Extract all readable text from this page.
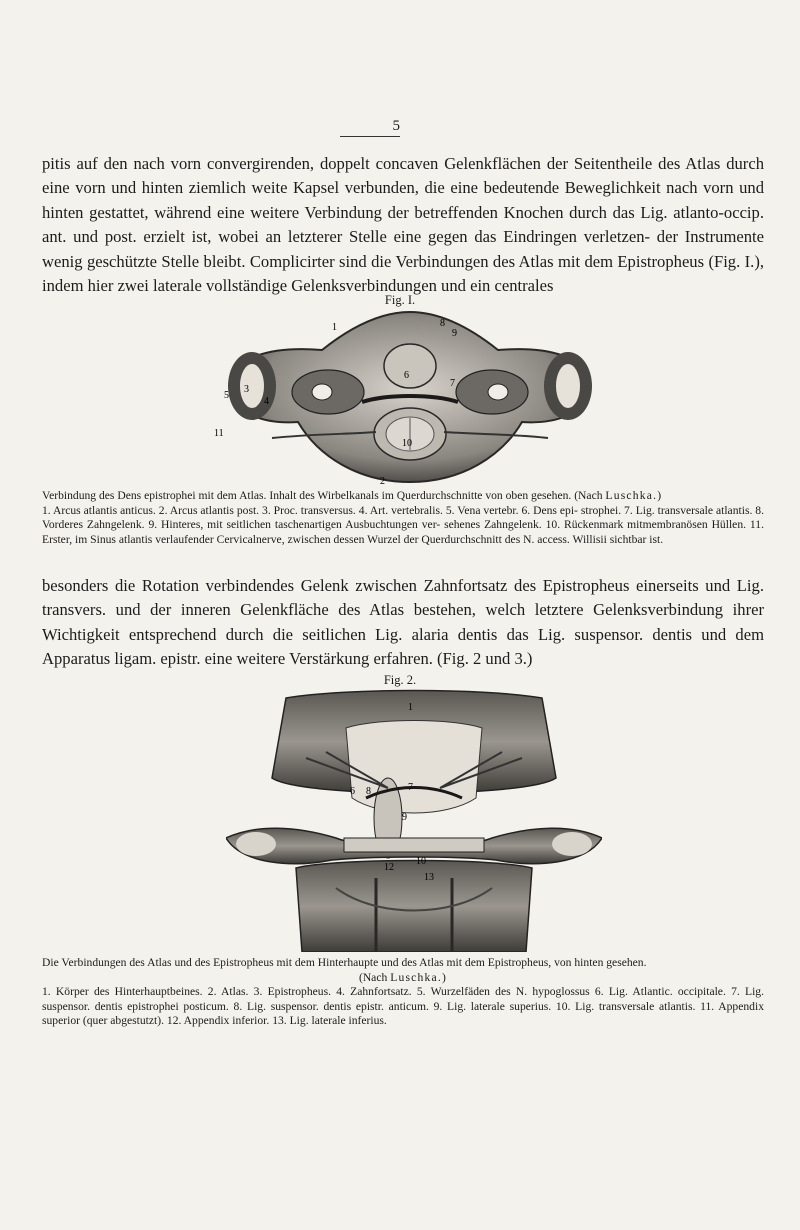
5

pitis auf den nach vorn convergirenden, doppelt concaven Gelenkflächen der Seitentheile des Atlas durch eine vorn und hinten ziemlich weite Kapsel verbunden, die eine bedeutende Beweglichkeit nach vorn und hinten gestattet, während eine weitere Verbindung der betreffenden Knochen durch das Lig. atlanto-occip. ant. und post. erzielt ist, wobei an letzterer Stelle eine gegen das Eindringen verletzen- der Instrumente wenig geschützte Stelle bleibt. Complicirter sind die Verbindungen des Atlas mit dem Epistropheus (Fig. I.), indem hier zwei laterale vollständige Gelenksverbindungen und ein centrales

Fig. I.
1
2
3
4
5
6
7
8
9
10
11

Verbindung des Dens epistrophei mit dem Atlas. Inhalt des Wirbelkanals im Querdurchschnitte von oben gesehen. (Nach Luschka.)
1. Arcus atlantis anticus. 2. Arcus atlantis post. 3. Proc. transversus. 4. Art. vertebralis. 5. Vena vertebr. 6. Dens epi- strophei. 7. Lig. transversale atlantis. 8. Vorderes Zahngelenk. 9. Hinteres, mit seitlichen taschenartigen Ausbuchtungen ver- sehenes Zahngelenk. 10. Rückenmark mitmembranösen Hüllen. 11. Erster, im Sinus atlantis verlaufender Cervicalnerve, zwischen dessen Wurzel der Querdurchschnitt des N. access. Willisii sichtbar ist.

besonders die Rotation verbindendes Gelenk zwischen Zahnfortsatz des Epistropheus einerseits und Lig. transvers. und der inneren Gelenkfläche des Atlas bestehen, welch letztere Gelenksverbindung ihrer Wichtigkeit entsprechend durch die seitlichen Lig. alaria dentis das Lig. suspensor. dentis und dem Apparatus ligam. epistr. eine weitere Verstärkung erfahren. (Fig. 2 und 3.)

Fig. 2.
1
6	7
8
9
10
12
13

Die Verbindungen des Atlas und des Epistropheus mit dem Hinterhaupte und des Atlas mit dem Epistropheus, von hinten gesehen.
(Nach Luschka.)
1. Körper des Hinterhauptbeines. 2. Atlas. 3. Epistropheus. 4. Zahnfortsatz. 5. Wurzelfäden des N. hypoglossus 6. Lig. Atlantic. occipitale. 7. Lig. suspensor. dentis epistrophei posticum. 8. Lig. suspensor. dentis epistr. anticum. 9. Lig. laterale superius. 10. Lig. transversale atlantis. 11. Appendix superior (quer abgestutzt). 12. Appendix inferior. 13. Lig. laterale inferius.
